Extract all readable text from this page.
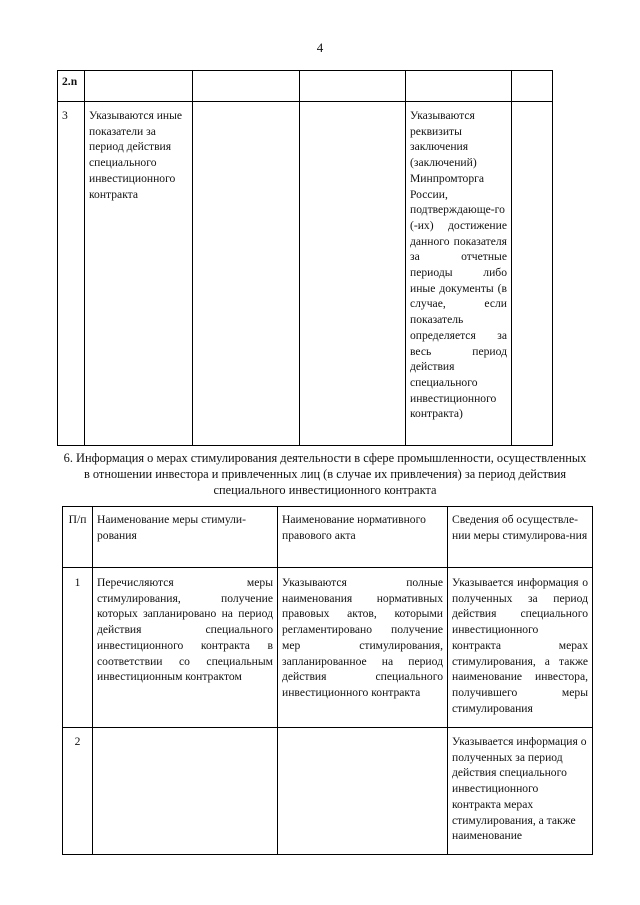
4
2.n					
3	Указываются иные показатели за период действия специального инвестиционного контракта			Указываются реквизиты заключения (заключений) Минпромторга России, подтверждающе-го (-их) достижение данного показателя за отчетные периоды либо иные документы (в случае, если показатель определяется за весь период действия специального инвестиционного контракта)	
6. Информация о мерах стимулирования деятельности в сфере промышленности, осуществленных в отношении инвестора и привлеченных лиц (в случае их привлечения) за период действия специального инвестиционного контракта
П/п	Наименование меры стимули-рования	Наименование нормативного правового акта	Сведения об осуществле-нии меры стимулирова-ния
1	Перечисляются меры стимулирования, получение которых запланировано на период действия специального инвестиционного контракта в соответствии со специальным инвестиционным контрактом	Указываются полные наименования нормативных правовых актов, которыми регламентировано получение мер стимулирования, запланированное на период действия специального инвестиционного контракта	Указывается информация о полученных за период действия специального инвестиционного контракта мерах стимулирования, а также наименование инвестора, получившего меры стимулирования
2			Указывается информация о полученных за период действия специального инвестиционного контракта мерах стимулирования, а также наименование
